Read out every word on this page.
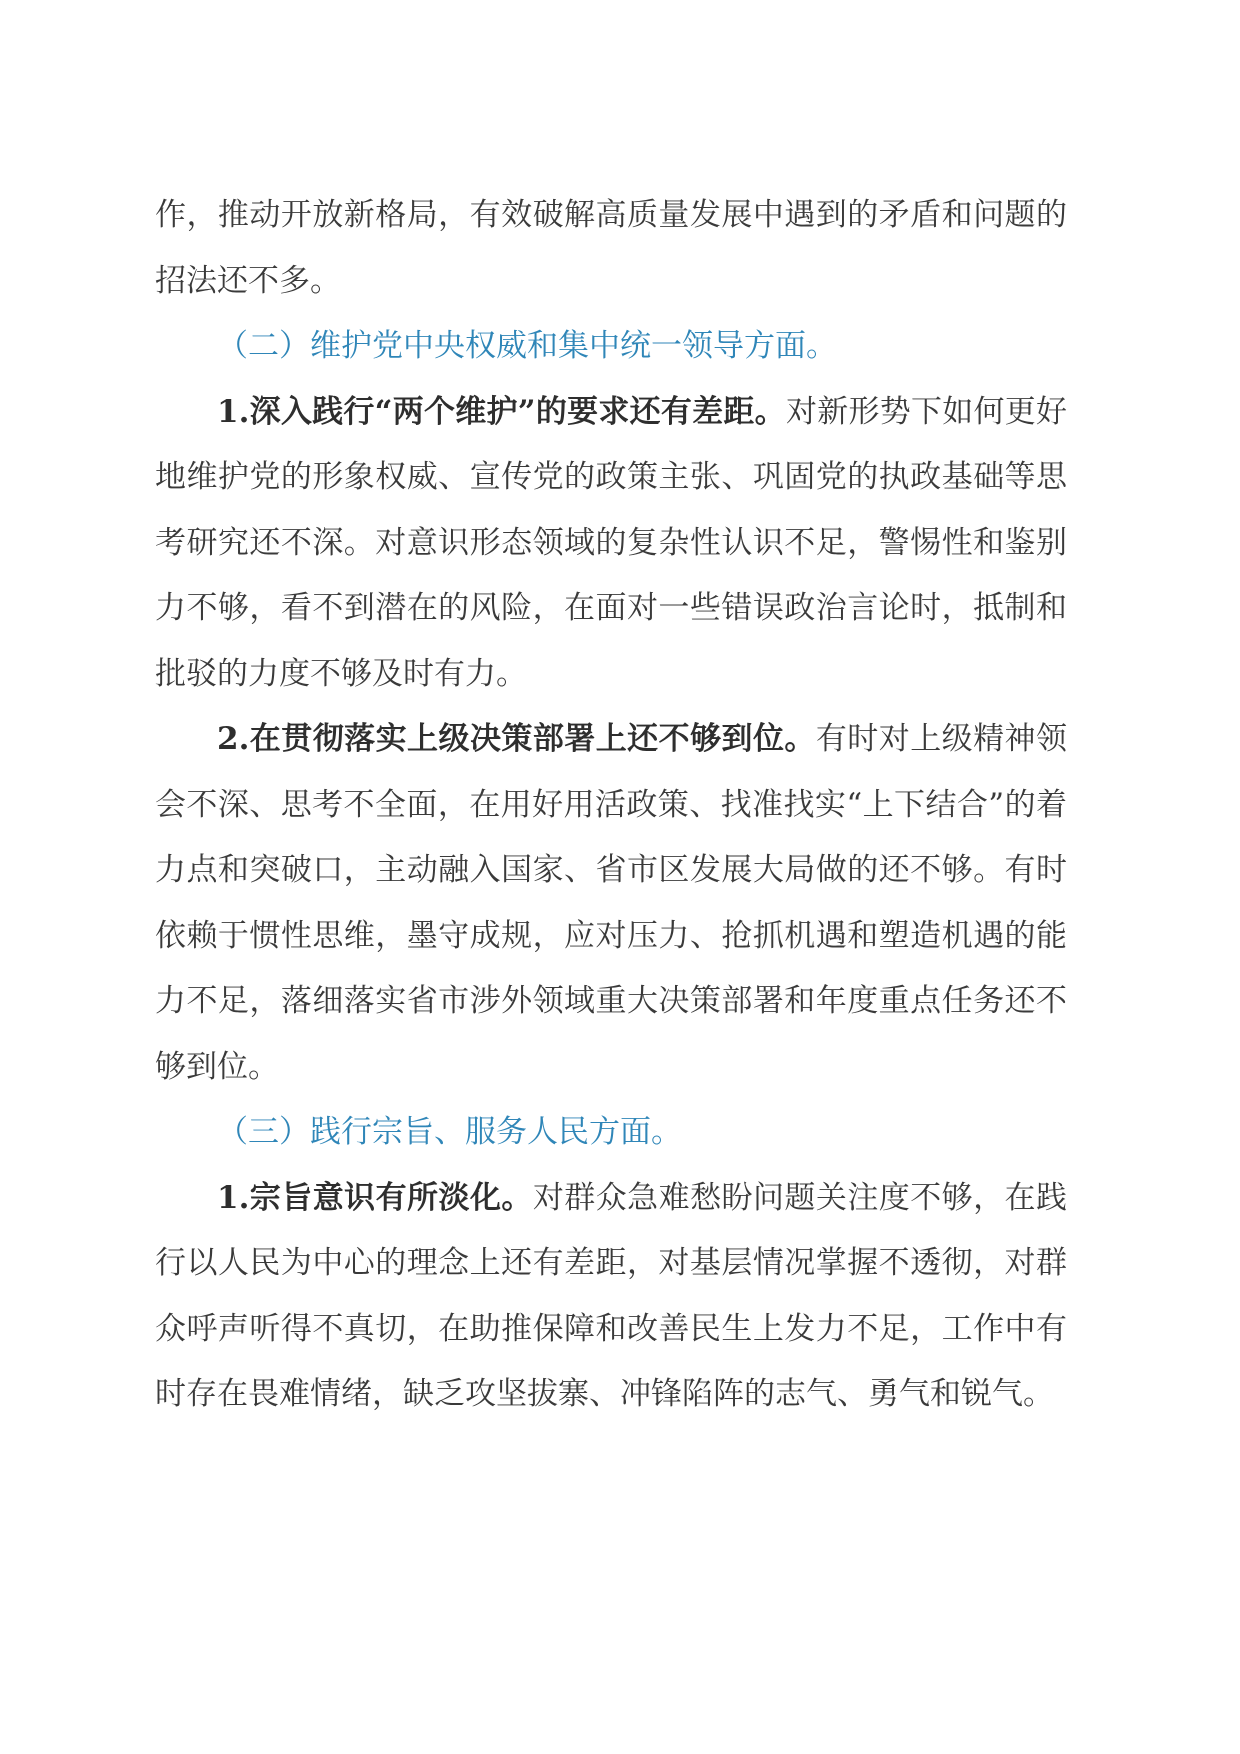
作，推动开放新格局，有效破解高质量发展中遇到的矛盾和问题的招法还不多。

（二）维护党中央权威和集中统一领导方面。

1.深入践行“两个维护”的要求还有差距。对新形势下如何更好地维护党的形象权威、宣传党的政策主张、巩固党的执政基础等思考研究还不深。对意识形态领域的复杂性认识不足，警惕性和鉴别力不够，看不到潜在的风险，在面对一些错误政治言论时，抵制和批驳的力度不够及时有力。

2.在贯彻落实上级决策部署上还不够到位。有时对上级精神领会不深、思考不全面，在用好用活政策、找准找实“上下结合”的着力点和突破口，主动融入国家、省市区发展大局做的还不够。有时依赖于惯性思维，墨守成规，应对压力、抢抓机遇和塑造机遇的能力不足，落细落实省市涉外领域重大决策部署和年度重点任务还不够到位。

（三）践行宗旨、服务人民方面。

1.宗旨意识有所淡化。对群众急难愁盼问题关注度不够，在践行以人民为中心的理念上还有差距，对基层情况掌握不透彻，对群众呼声听得不真切，在助推保障和改善民生上发力不足，工作中有时存在畏难情绪，缺乏攻坚拔寨、冲锋陷阵的志气、勇气和锐气。
